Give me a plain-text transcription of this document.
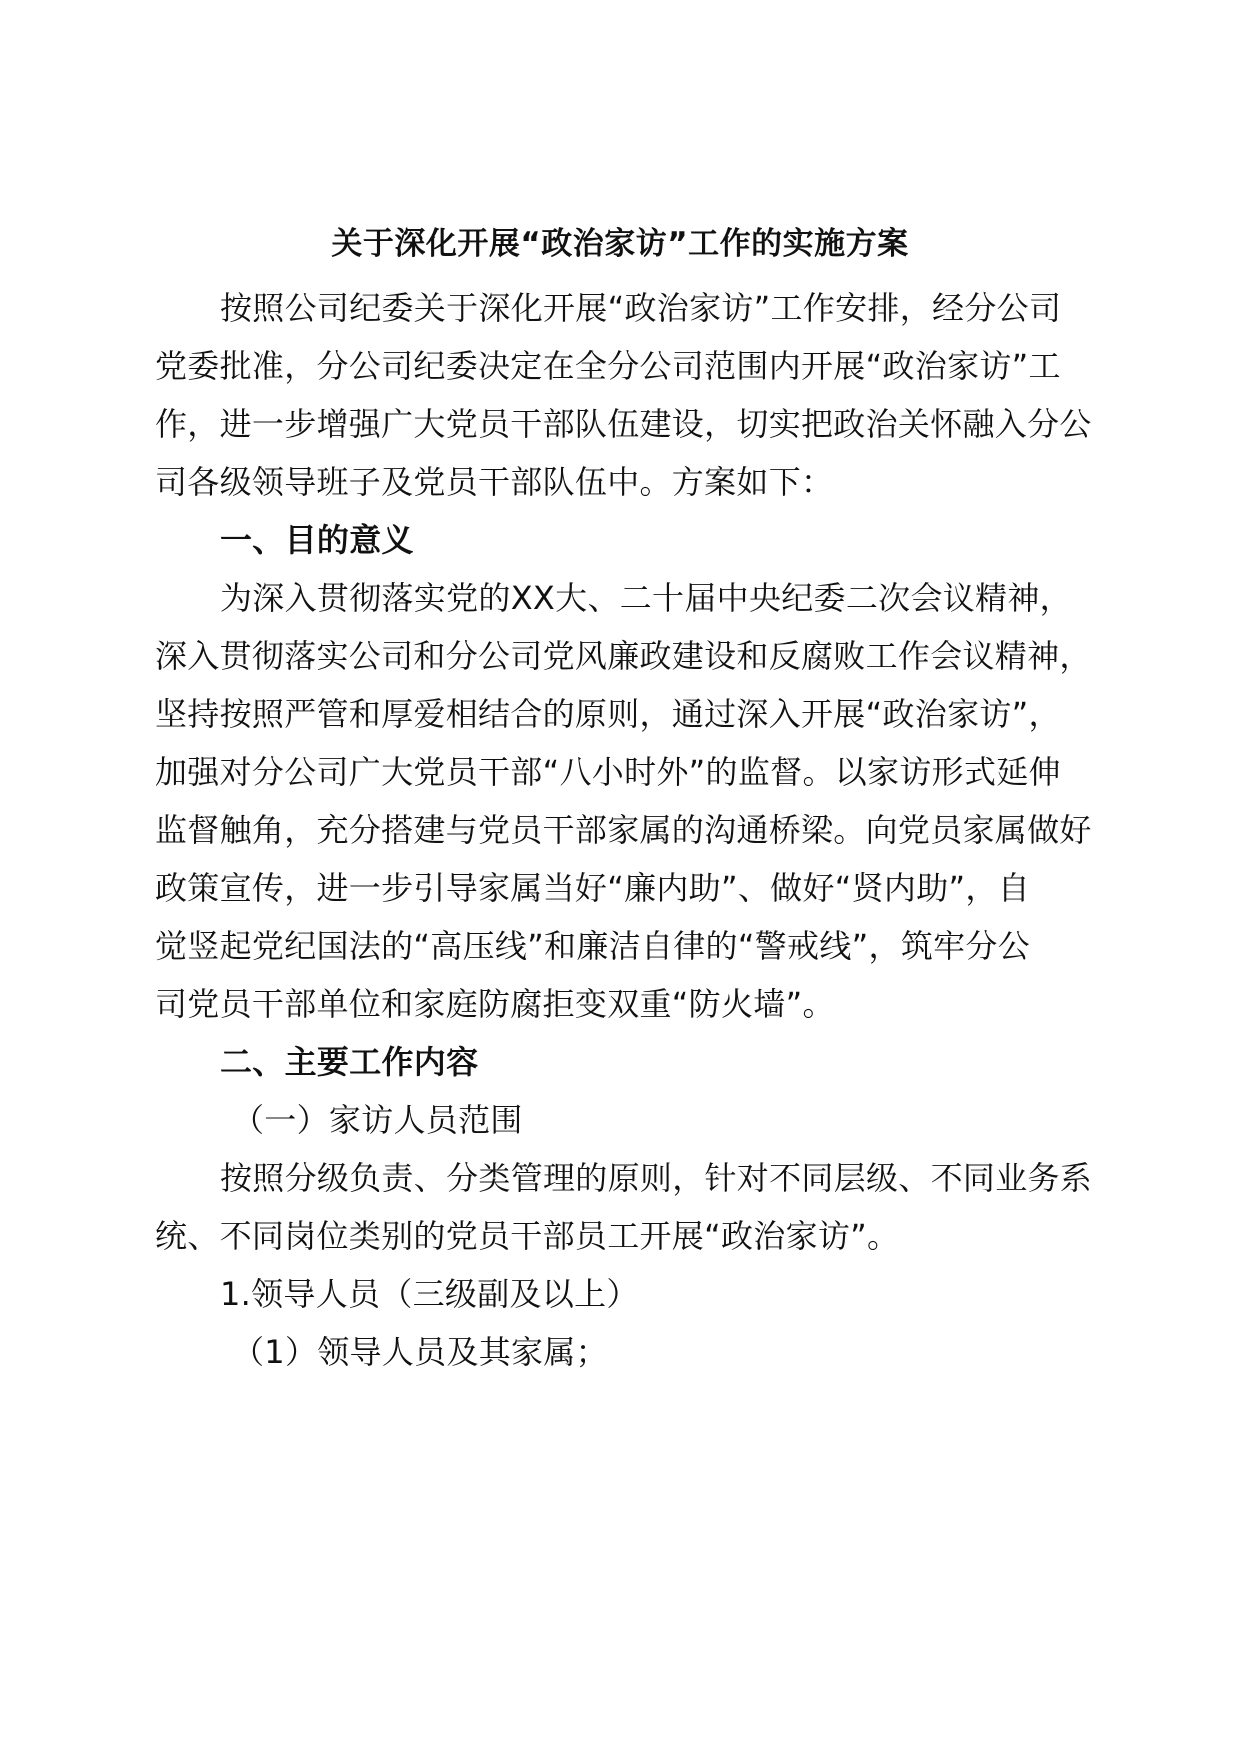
关于深化开展“政治家访”工作的实施方案

按照公司纪委关于深化开展“政治家访”工作安排，经分公司

党委批准，分公司纪委决定在全分公司范围内开展“政治家访”工

作，进一步增强广大党员干部队伍建设，切实把政治关怀融入分公

司各级领导班子及党员干部队伍中。方案如下：

一、目的意义

为深入贯彻落实党的XX大、二十届中央纪委二次会议精神，

深入贯彻落实公司和分公司党风廉政建设和反腐败工作会议精神，

坚持按照严管和厚爱相结合的原则，通过深入开展“政治家访”，

加强对分公司广大党员干部“八小时外”的监督。以家访形式延伸

监督触角，充分搭建与党员干部家属的沟通桥梁。向党员家属做好

政策宣传，进一步引导家属当好“廉内助”、做好“贤内助”，自

觉竖起党纪国法的“高压线”和廉洁自律的“警戒线”，筑牢分公

司党员干部单位和家庭防腐拒变双重“防火墙”。

二、主要工作内容

（一）家访人员范围

按照分级负责、分类管理的原则，针对不同层级、不同业务系

统、不同岗位类别的党员干部员工开展“政治家访”。

1.领导人员（三级副及以上）

（1）领导人员及其家属；
